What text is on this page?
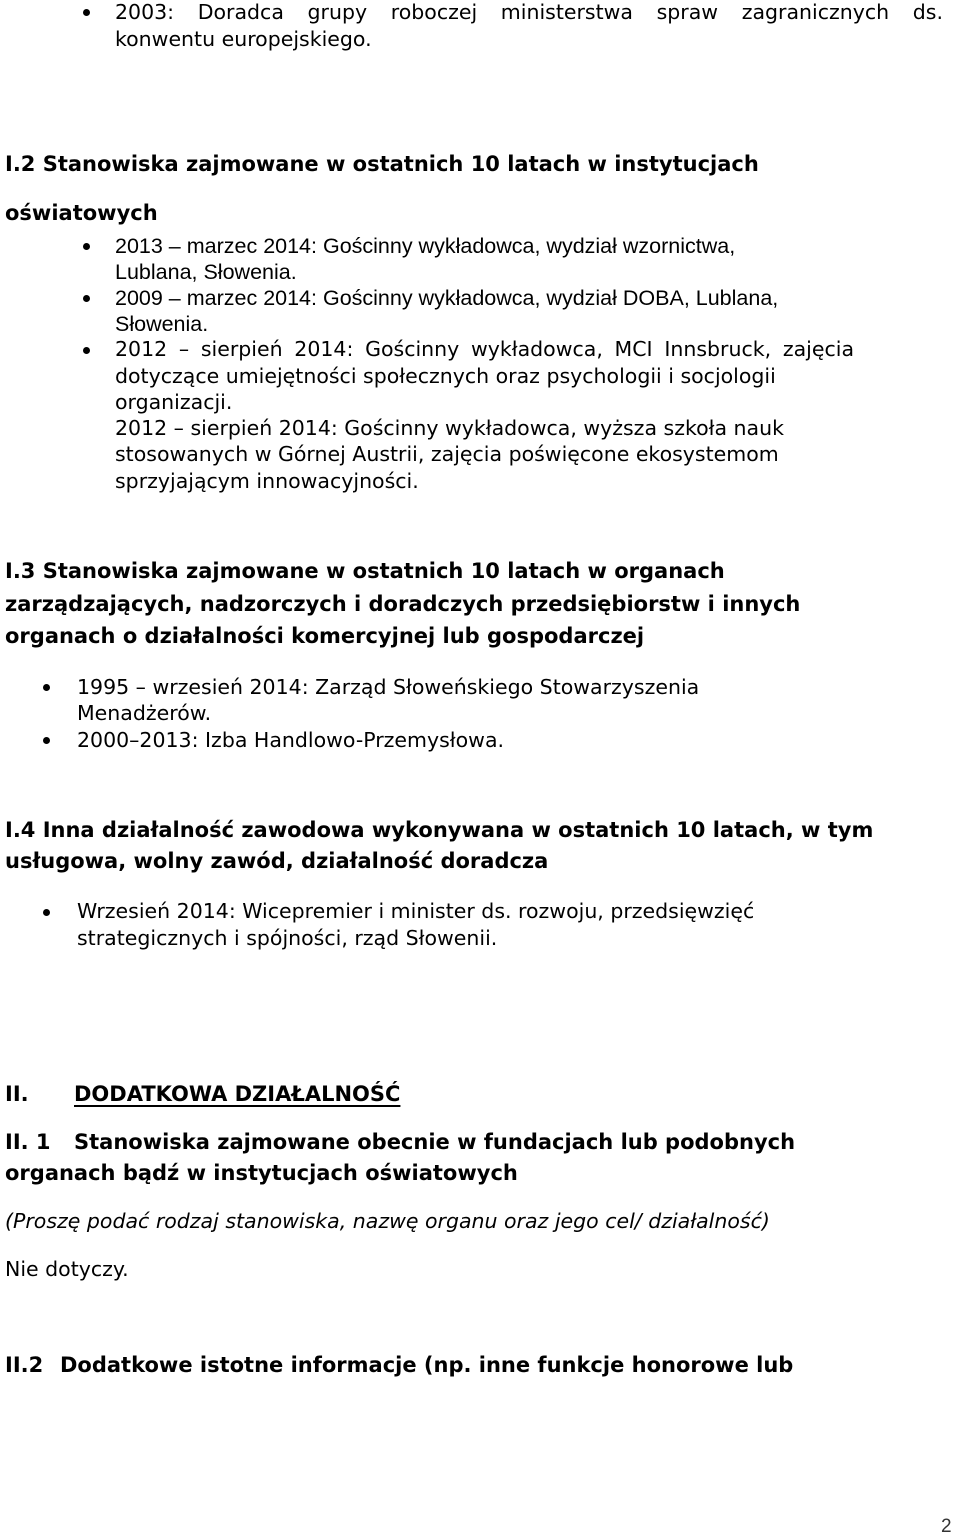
2003: Doradca grupy roboczej ministerstwa spraw zagranicznych ds.
konwentu europejskiego.
I.2 Stanowiska zajmowane w ostatnich 10 latach w instytucjach
oświatowych
2013 – marzec 2014: Gościnny wykładowca, wydział wzornictwa,
Lublana, Słowenia.
2009 – marzec 2014: Gościnny wykładowca, wydział DOBA, Lublana,
Słowenia.
2012 – sierpień 2014: Gościnny wykładowca, MCI Innsbruck, zajęcia
dotyczące umiejętności społecznych oraz psychologii i socjologii
organizacji.
2012 – sierpień 2014: Gościnny wykładowca, wyższa szkoła nauk
stosowanych w Górnej Austrii, zajęcia poświęcone ekosystemom
sprzyjającym innowacyjności.
I.3 Stanowiska zajmowane w ostatnich 10 latach w organach
zarządzających, nadzorczych i doradczych przedsiębiorstw i innych
organach o działalności komercyjnej lub gospodarczej
1995 – wrzesień 2014: Zarząd Słoweńskiego Stowarzyszenia
Menadżerów.
2000–2013: Izba Handlowo-Przemysłowa.
I.4 Inna działalność zawodowa wykonywana w ostatnich 10 latach, w tym
usługowa, wolny zawód, działalność doradcza
Wrzesień 2014: Wicepremier i minister ds. rozwoju, przedsięwzięć
strategicznych i spójności, rząd Słowenii.
II. DODATKOWA DZIAŁALNOŚĆ
II. 1 Stanowiska zajmowane obecnie w fundacjach lub podobnych
organach bądź w instytucjach oświatowych
(Proszę podać rodzaj stanowiska, nazwę organu oraz jego cel/ działalność)
Nie dotyczy.
II.2 Dodatkowe istotne informacje (np. inne funkcje honorowe lub
2
